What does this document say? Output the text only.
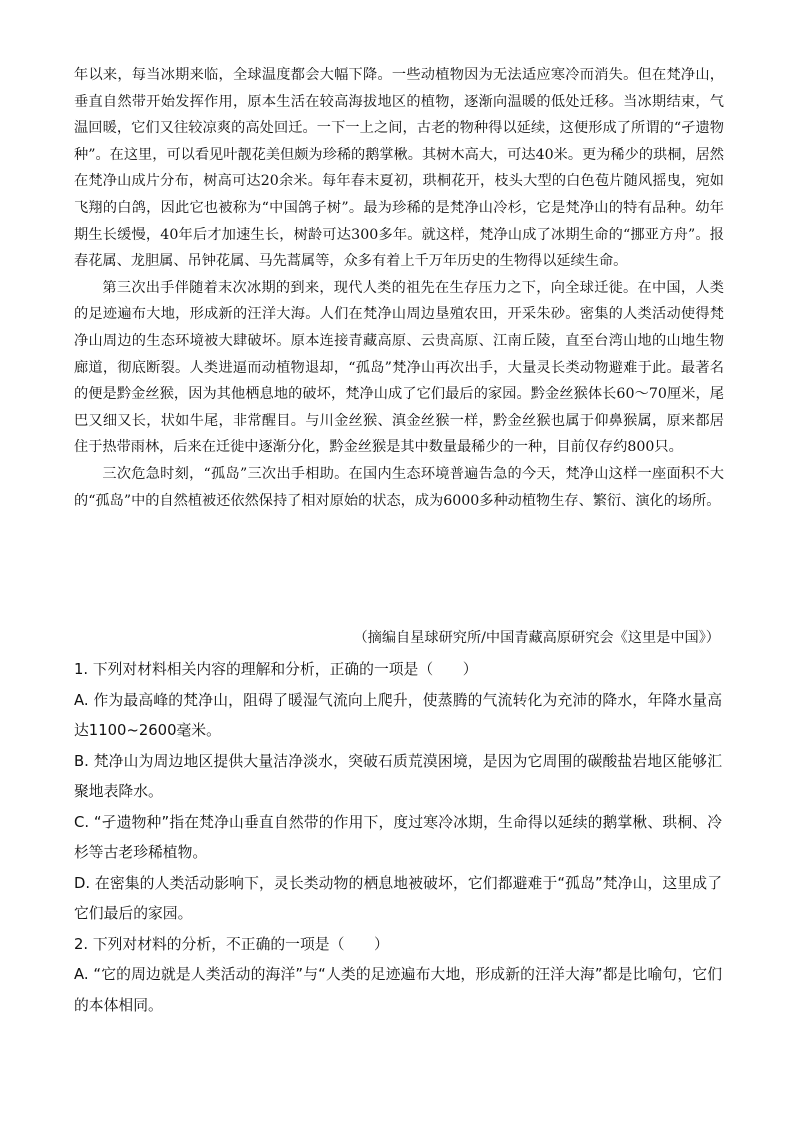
年以来，每当冰期来临，全球温度都会大幅下降。一些动植物因为无法适应寒冷而消失。但在梵净山，垂直自然带开始发挥作用，原本生活在较高海拔地区的植物，逐渐向温暖的低处迁移。当冰期结束，气温回暖，它们又往较凉爽的高处回迁。一下一上之间，古老的物种得以延续，这便形成了所谓的“孑遗物种”。在这里，可以看见叶靓花美但颇为珍稀的鹅掌楸。其树木高大，可达40米。更为稀少的珙桐，居然在梵净山成片分布，树高可达20余米。每年春末夏初，珙桐花开，枝头大型的白色苞片随风摇曳，宛如飞翔的白鸽，因此它也被称为“中国鸽子树”。最为珍稀的是梵净山冷杉，它是梵净山的特有品种。幼年期生长缓慢，40年后才加速生长，树龄可达300多年。就这样，梵净山成了冰期生命的“挪亚方舟”。报春花属、龙胆属、吊钟花属、马先蒿属等，众多有着上千万年历史的生物得以延续生命。

第三次出手伴随着末次冰期的到来，现代人类的祖先在生存压力之下，向全球迁徙。在中国，人类的足迹遍布大地，形成新的汪洋大海。人们在梵净山周边垦殖农田，开采朱砂。密集的人类活动使得梵净山周边的生态环境被大肆破坏。原本连接青藏高原、云贵高原、江南丘陵，直至台湾山地的山地生物廊道，彻底断裂。人类进逼而动植物退却，“孤岛”梵净山再次出手，大量灵长类动物避难于此。最著名的便是黔金丝猴，因为其他栖息地的破坏，梵净山成了它们最后的家园。黔金丝猴体长60～70厘米，尾巴又细又长，状如牛尾，非常醒目。与川金丝猴、滇金丝猴一样，黔金丝猴也属于仰鼻猴属，原来都居住于热带雨林，后来在迁徙中逐渐分化，黔金丝猴是其中数量最稀少的一种，目前仅存约800只。

三次危急时刻，“孤岛”三次出手相助。在国内生态环境普遍告急的今天，梵净山这样一座面积不大的“孤岛”中的自然植被还依然保持了相对原始的状态，成为6000多种动植物生存、繁衍、演化的场所。

（摘编自星球研究所/中国青藏高原研究会《这里是中国》）

1. 下列对材料相关内容的理解和分析，正确的一项是（　　）

A. 作为最高峰的梵净山，阻碍了暖湿气流向上爬升，使蒸腾的气流转化为充沛的降水，年降水量高达1100~2600毫米。

B. 梵净山为周边地区提供大量洁净淡水，突破石质荒漠困境，是因为它周围的碳酸盐岩地区能够汇聚地表降水。

C. “孑遗物种”指在梵净山垂直自然带的作用下，度过寒冷冰期，生命得以延续的鹅掌楸、珙桐、冷杉等古老珍稀植物。

D. 在密集的人类活动影响下，灵长类动物的栖息地被破坏，它们都避难于“孤岛”梵净山，这里成了它们最后的家园。

2. 下列对材料的分析，不正确的一项是（　　）

A. “它的周边就是人类活动的海洋”与“人类的足迹遍布大地，形成新的汪洋大海”都是比喻句，它们的本体相同。
